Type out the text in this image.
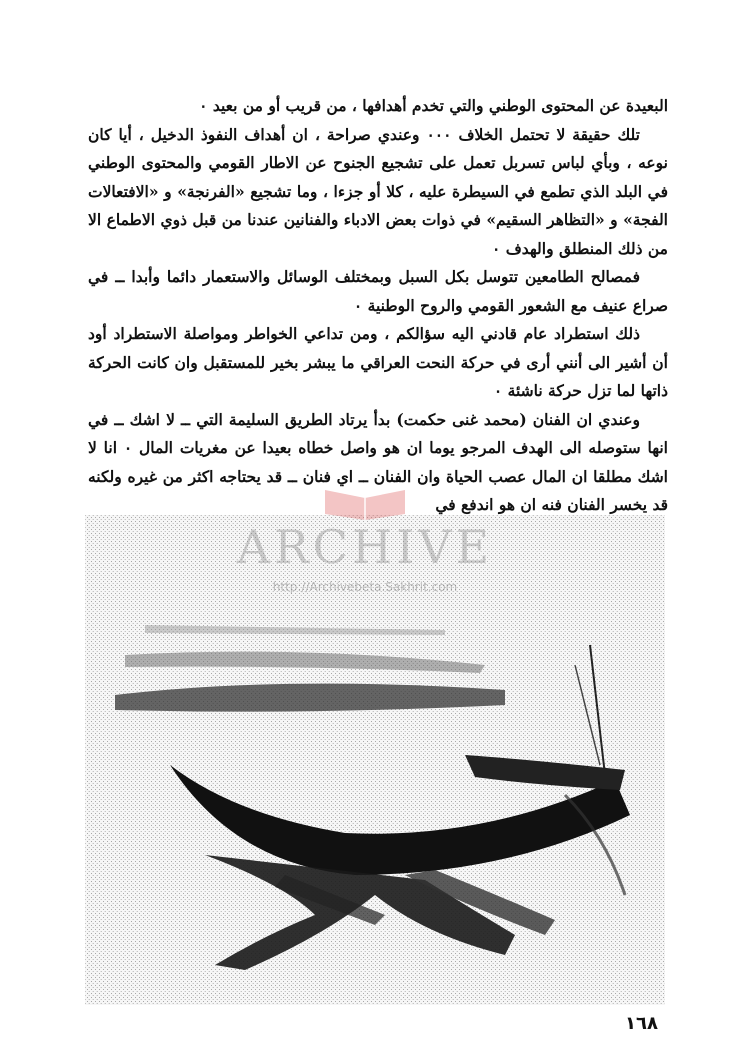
البعيدة عن المحتوى الوطني والتي تخدم أهدافها ، من قريب أو من بعيد ٠

تلك حقيقة لا تحتمل الخلاف ٠٠٠ وعندي صراحة ، ان أهداف النفوذ الدخيل ، أيا كان نوعه ، وبأي لباس تسربل تعمل على تشجيع الجنوح عن الاطار القومي والمحتوى الوطني في البلد الذي تطمع في السيطرة عليه ، كلا أو جزءا ، وما تشجيع «الفرنجة» و «الافتعالات الفجة» و «التظاهر السقيم» في ذوات بعض الادباء والفنانين عندنا من قبل ذوي الاطماع الا من ذلك المنطلق والهدف ٠

فمصالح الطامعين تتوسل بكل السبل وبمختلف الوسائل والاستعمار دائما وأبدا ــ في صراع عنيف مع الشعور القومي والروح الوطنية ٠

ذلك استطراد عام قادني اليه سؤالكم ، ومن تداعي الخواطر ومواصلة الاستطراد أود أن أشير الى أنني أرى في حركة النحت العراقي ما يبشر بخير للمستقبل وان كانت الحركة ذاتها لما تزل حركة ناشئة ٠

وعندي ان الفنان (محمد غنى حكمت) بدأ يرتاد الطريق السليمة التي ــ لا اشك ــ في انها ستوصله الى الهدف المرجو يوما ان هو واصل خطاه بعيدا عن مغريات المال ٠ انا لا اشك مطلقا ان المال عصب الحياة وان الفنان ــ اي فنان ــ قد يحتاجه اكثر من غيره ولكنه قد يخسر الفنان فنه ان هو اندفع في

ARCHIVE
http://Archivebeta.Sakhrit.com
١٦٨
